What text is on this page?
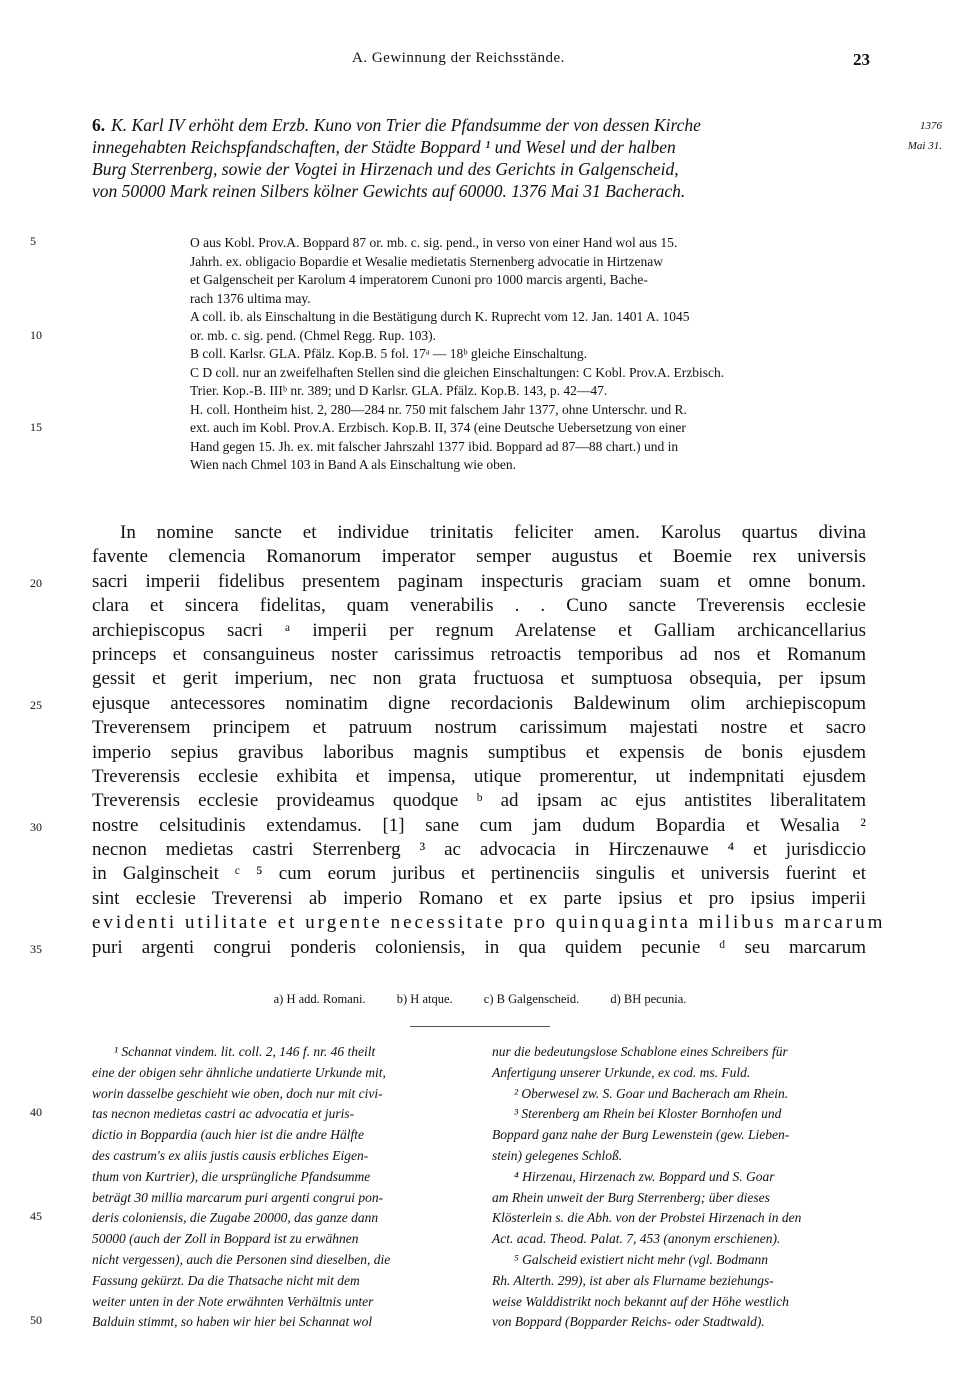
A. Gewinnung der Reichsstände.	23
6. K. Karl IV erhöht dem Erzb. Kuno von Trier die Pfandsumme der von dessen Kirche
innegehabten Reichspfandschaften, der Städte Boppard ¹ und Wesel und der halben
Burg Sterrenberg, sowie der Vogtei in Hirzenach und des Gerichts in Galgenscheid,
von 50000 Mark reinen Silbers kölner Gewichts auf 60000. 1376 Mai 31 Bacherach.
1376
Mai 31.
O aus Kobl. Prov.A. Boppard 87 or. mb. c. sig. pend., in verso von einer Hand wol aus 15.
Jahrh. ex. obligacio Bopardie et Wesalie medietatis Sternenberg advocatie in Hirtzenaw
et Galgenscheit per Karolum 4 imperatorem Cunoni pro 1000 marcis argenti, Bache-
rach 1376 ultima may.
A coll. ib. als Einschaltung in die Bestätigung durch K. Ruprecht vom 12. Jan. 1401 A. 1045
or. mb. c. sig. pend. (Chmel Regg. Rup. 103).
B coll. Karlsr. GLA. Pfälz. Kop.B. 5 fol. 17ᵃ — 18ᵇ gleiche Einschaltung.
C D coll. nur an zweifelhaften Stellen sind die gleichen Einschaltungen: C Kobl. Prov.A. Erzbisch.
Trier. Kop.-B. IIIᵇ nr. 389; und D Karlsr. GLA. Pfälz. Kop.B. 143, p. 42—47.
H. coll. Hontheim hist. 2, 280—284 nr. 750 mit falschem Jahr 1377, ohne Unterschr. und R.
ext. auch im Kobl. Prov.A. Erzbisch. Kop.B. II, 374 (eine Deutsche Uebersetzung von einer
Hand gegen 15. Jh. ex. mit falscher Jahrszahl 1377 ibid. Boppard ad 87—88 chart.) und in
Wien nach Chmel 103 in Band A als Einschaltung wie oben.
5
10
15
20
25
30
35
40
45
50
In nomine sancte et individue trinitatis feliciter amen. Karolus quartus divina
favente clemencia Romanorum imperator semper augustus et Boemie rex universis
sacri imperii fidelibus presentem paginam inspecturis graciam suam et omne bonum.
clara et sincera fidelitas, quam venerabilis . . Cuno sancte Treverensis ecclesie
archiepiscopus sacri ᵃ imperii per regnum Arelatense et Galliam archicancellarius
princeps et consanguineus noster carissimus retroactis temporibus ad nos et Romanum
gessit et gerit imperium, nec non grata fructuosa et sumptuosa obsequia, per ipsum
ejusque antecessores nominatim digne recordacionis Baldewinum olim archiepiscopum
Treverensem principem et patruum nostrum carissimum majestati nostre et sacro
imperio sepius gravibus laboribus magnis sumptibus et expensis de bonis ejusdem
Treverensis ecclesie exhibita et impensa, utique promerentur, ut indempnitati ejusdem
Treverensis ecclesie provideamus quodque ᵇ ad ipsam ac ejus antistites liberalitatem
nostre celsitudinis extendamus. [1] sane cum jam dudum Bopardia et Wesalia ²
necnon medietas castri Sterrenberg ³ ac advocacia in Hirczenauwe ⁴ et jurisdiccio
in Galginscheit ᶜ ⁵ cum eorum juribus et pertinenciis singulis et universis fuerint et
sint ecclesie Treverensi ab imperio Romano et ex parte ipsius et pro ipsius imperii
evidenti utilitate et urgente necessitate pro quinquaginta milibus marcarum
puri argenti congrui ponderis coloniensis, in qua quidem pecunie ᵈ seu marcarum
a) H add. Romani. b) H atque. c) B Galgenscheid. d) BH pecunia.
¹ Schannat vindem. lit. coll. 2, 146 f. nr. 46 theilt
eine der obigen sehr ähnliche undatierte Urkunde mit,
worin dasselbe geschieht wie oben, doch nur mit civi-
tas necnon medietas castri ac advocatia et juris-
dictio in Boppardia (auch hier ist die andre Hälfte
des castrum's ex aliis justis causis erbliches Eigen-
thum von Kurtrier), die ursprüngliche Pfandsumme
beträgt 30 millia marcarum puri argenti congrui pon-
deris coloniensis, die Zugabe 20000, das ganze dann
50000 (auch der Zoll in Boppard ist zu erwähnen
nicht vergessen), auch die Personen sind dieselben, die
Fassung gekürzt. Da die Thatsache nicht mit dem
weiter unten in der Note erwähnten Verhältnis unter
Balduin stimmt, so haben wir hier bei Schannat wol
nur die bedeutungslose Schablone eines Schreibers für
Anfertigung unserer Urkunde, ex cod. ms. Fuld.
² Oberwesel zw. S. Goar und Bacherach am Rhein.
³ Sterenberg am Rhein bei Kloster Bornhofen und
Boppard ganz nahe der Burg Lewenstein (gew. Lieben-
stein) gelegenes Schloß.
⁴ Hirzenau, Hirzenach zw. Boppard und S. Goar
am Rhein unweit der Burg Sterrenberg; über dieses
Klösterlein s. die Abh. von der Probstei Hirzenach in den
Act. acad. Theod. Palat. 7, 453 (anonym erschienen).
⁵ Galscheid existiert nicht mehr (vgl. Bodmann
Rh. Alterth. 299), ist aber als Flurname beziehungs-
weise Walddistrikt noch bekannt auf der Höhe westlich
von Boppard (Bopparder Reichs- oder Stadtwald).
